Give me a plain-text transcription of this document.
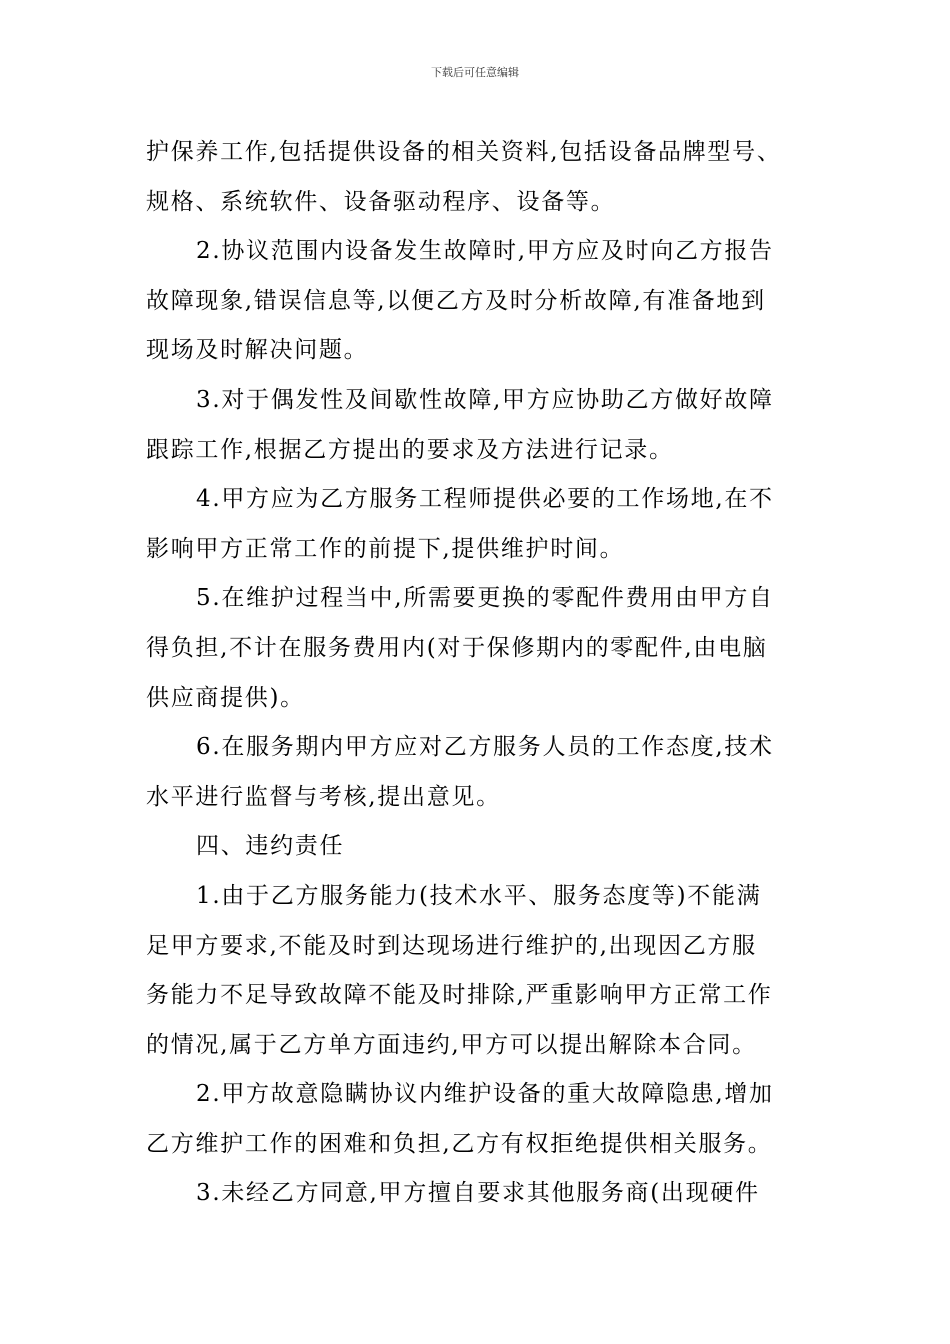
下载后可任意编辑

护保养工作,包括提供设备的相关资料,包括设备品牌型号、

规格、系统软件、设备驱动程序、设备等。

2.协议范围内设备发生故障时,甲方应及时向乙方报告

故障现象,错误信息等,以便乙方及时分析故障,有准备地到

现场及时解决问题。

3.对于偶发性及间歇性故障,甲方应协助乙方做好故障

跟踪工作,根据乙方提出的要求及方法进行记录。

4.甲方应为乙方服务工程师提供必要的工作场地,在不

影响甲方正常工作的前提下,提供维护时间。

5.在维护过程当中,所需要更换的零配件费用由甲方自

得负担,不计在服务费用内(对于保修期内的零配件,由电脑

供应商提供)。

6.在服务期内甲方应对乙方服务人员的工作态度,技术

水平进行监督与考核,提出意见。

四、违约责任

1.由于乙方服务能力(技术水平、服务态度等)不能满

足甲方要求,不能及时到达现场进行维护的,出现因乙方服

务能力不足导致故障不能及时排除,严重影响甲方正常工作

的情况,属于乙方单方面违约,甲方可以提出解除本合同。

2.甲方故意隐瞒协议内维护设备的重大故障隐患,增加

乙方维护工作的困难和负担,乙方有权拒绝提供相关服务。

3.未经乙方同意,甲方擅自要求其他服务商(出现硬件
